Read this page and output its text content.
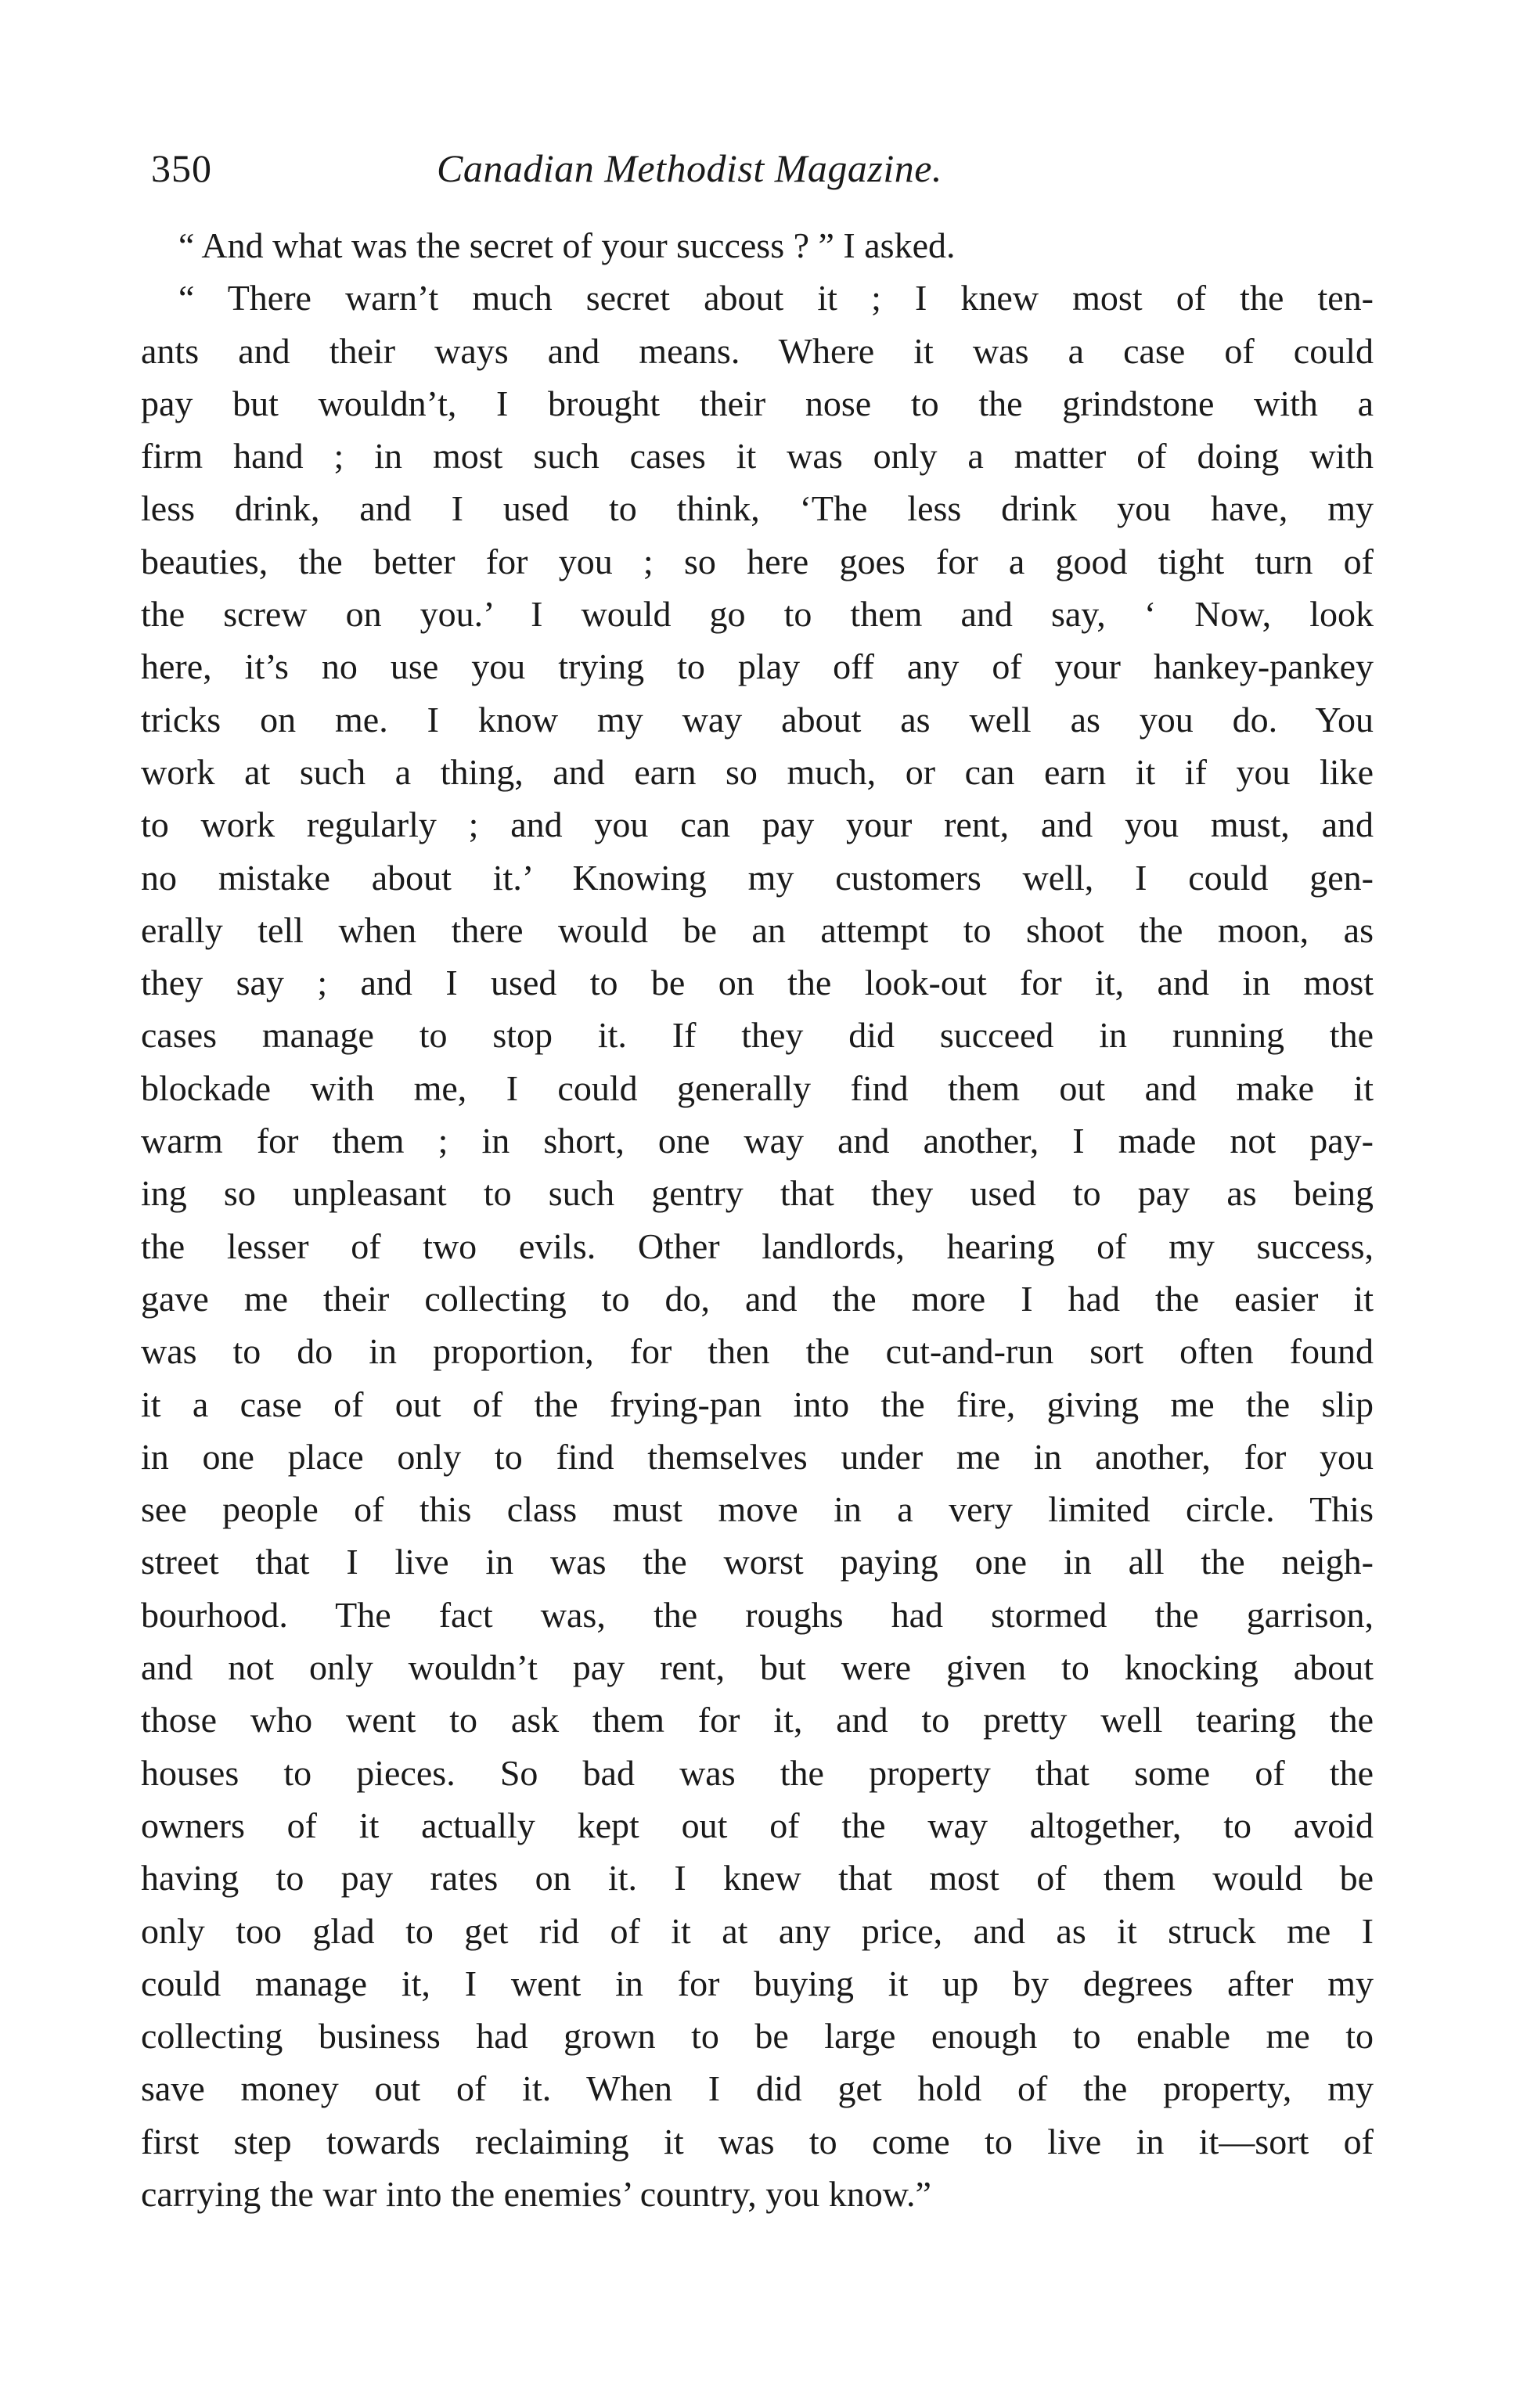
350	Canadian Methodist Magazine.
“ And what was the secret of your success ? ” I asked.
“ There warn’t much secret about it ; I knew most of the ten-
ants and their ways and means. Where it was a case of could
pay but wouldn’t, I brought their nose to the grindstone with a
firm hand ; in most such cases it was only a matter of doing with
less drink, and I used to think, ‘The less drink you have, my
beauties, the better for you ; so here goes for a good tight turn of
the screw on you.’ I would go to them and say, ‘ Now, look
here, it’s no use you trying to play off any of your hankey-pankey
tricks on me. I know my way about as well as you do. You
work at such a thing, and earn so much, or can earn it if you like
to work regularly ; and you can pay your rent, and you must, and
no mistake about it.’ Knowing my customers well, I could gen-
erally tell when there would be an attempt to shoot the moon, as
they say ; and I used to be on the look-out for it, and in most
cases manage to stop it. If they did succeed in running the
blockade with me, I could generally find them out and make it
warm for them ; in short, one way and another, I made not pay-
ing so unpleasant to such gentry that they used to pay as being
the lesser of two evils. Other landlords, hearing of my success,
gave me their collecting to do, and the more I had the easier it
was to do in proportion, for then the cut-and-run sort often found
it a case of out of the frying-pan into the fire, giving me the slip
in one place only to find themselves under me in another, for you
see people of this class must move in a very limited circle. This
street that I live in was the worst paying one in all the neigh-
bourhood. The fact was, the roughs had stormed the garrison,
and not only wouldn’t pay rent, but were given to knocking about
those who went to ask them for it, and to pretty well tearing the
houses to pieces. So bad was the property that some of the
owners of it actually kept out of the way altogether, to avoid
having to pay rates on it. I knew that most of them would be
only too glad to get rid of it at any price, and as it struck me I
could manage it, I went in for buying it up by degrees after my
collecting business had grown to be large enough to enable me to
save money out of it. When I did get hold of the property, my
first step towards reclaiming it was to come to live in it—sort of
carrying the war into the enemies’ country, you know.”
